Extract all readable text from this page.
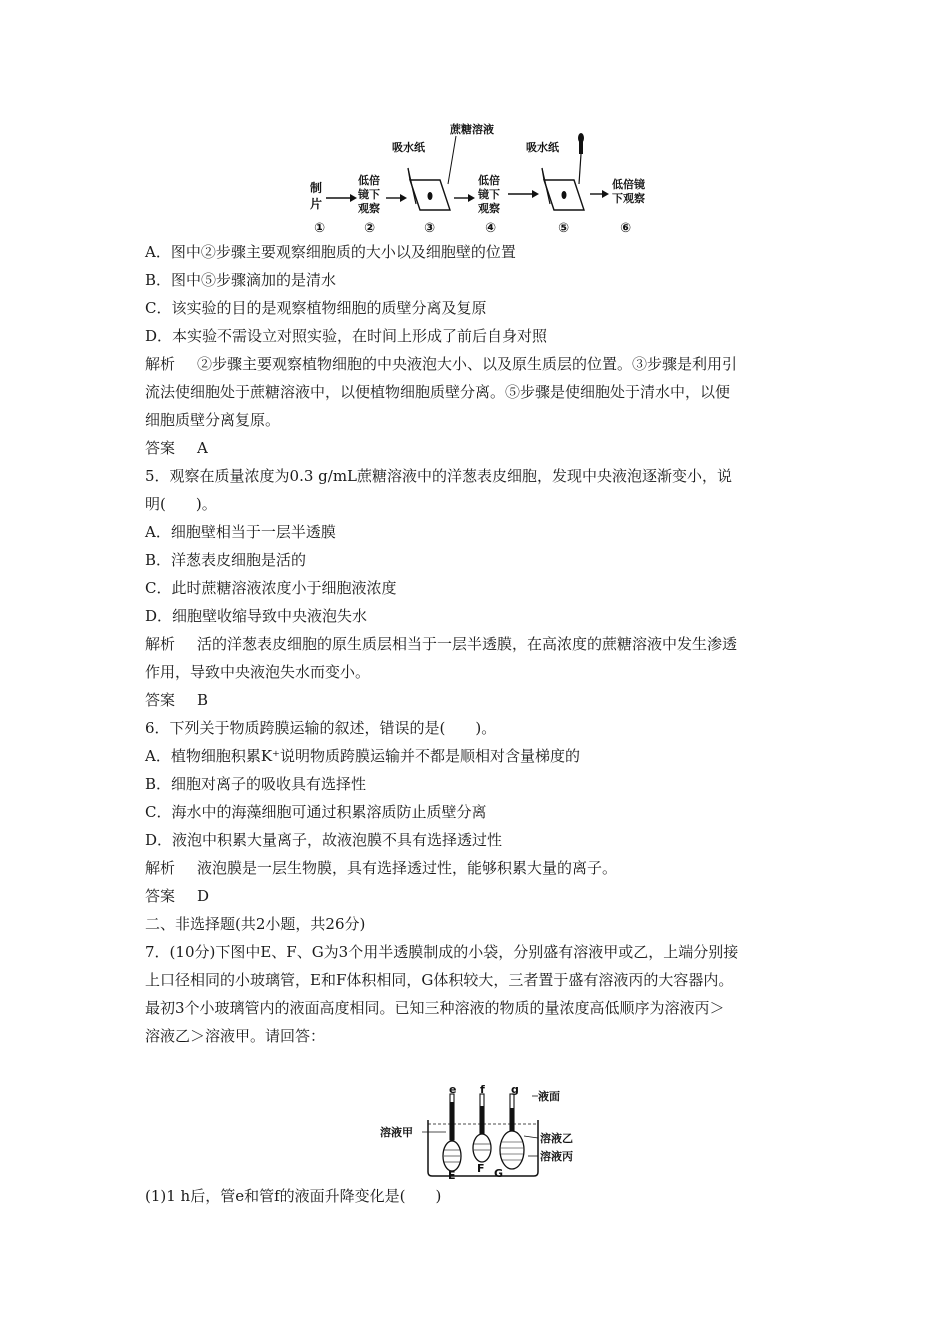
制
片
低倍
镜下
观察
吸水纸
蔗糖溶液
低倍
镜下
观察
吸水纸
低倍镜
下观察
①	②	③	④	⑤	⑥
A．图中②步骤主要观察细胞质的大小以及细胞壁的位置
B．图中⑤步骤滴加的是清水
C．该实验的目的是观察植物细胞的质壁分离及复原
D．本实验不需设立对照实验，在时间上形成了前后自身对照
解析 ②步骤主要观察植物细胞的中央液泡大小、以及原生质层的位置。③步骤是利用引
流法使细胞处于蔗糖溶液中，以便植物细胞质壁分离。⑤步骤是使细胞处于清水中，以便
细胞质壁分离复原。
答案 A
5．观察在质量浓度为0.3 g/mL蔗糖溶液中的洋葱表皮细胞，发现中央液泡逐渐变小，说
明(　　)。
A．细胞壁相当于一层半透膜
B．洋葱表皮细胞是活的
C．此时蔗糖溶液浓度小于细胞液浓度
D．细胞壁收缩导致中央液泡失水
解析 活的洋葱表皮细胞的原生质层相当于一层半透膜，在高浓度的蔗糖溶液中发生渗透
作用，导致中央液泡失水而变小。
答案 B
6．下列关于物质跨膜运输的叙述，错误的是(　　)。
A．植物细胞积累K⁺说明物质跨膜运输并不都是顺相对含量梯度的
B．细胞对离子的吸收具有选择性
C．海水中的海藻细胞可通过积累溶质防止质壁分离
D．液泡中积累大量离子，故液泡膜不具有选择透过性
解析 液泡膜是一层生物膜，具有选择透过性，能够积累大量的离子。
答案 D
二、非选择题(共2小题，共26分)
7．(10分)下图中E、F、G为3个用半透膜制成的小袋，分别盛有溶液甲或乙，上端分别接
上口径相同的小玻璃管，E和F体积相同，G体积较大，三者置于盛有溶液丙的大容器内。
最初3个小玻璃管内的液面高度相同。已知三种溶液的物质的量浓度高低顺序为溶液丙＞
溶液乙＞溶液甲。请回答：
液面
e
E
f
F
g
G
溶液甲	溶液乙
溶液丙
(1)1 h后，管e和管f的液面升降变化是(　　)
